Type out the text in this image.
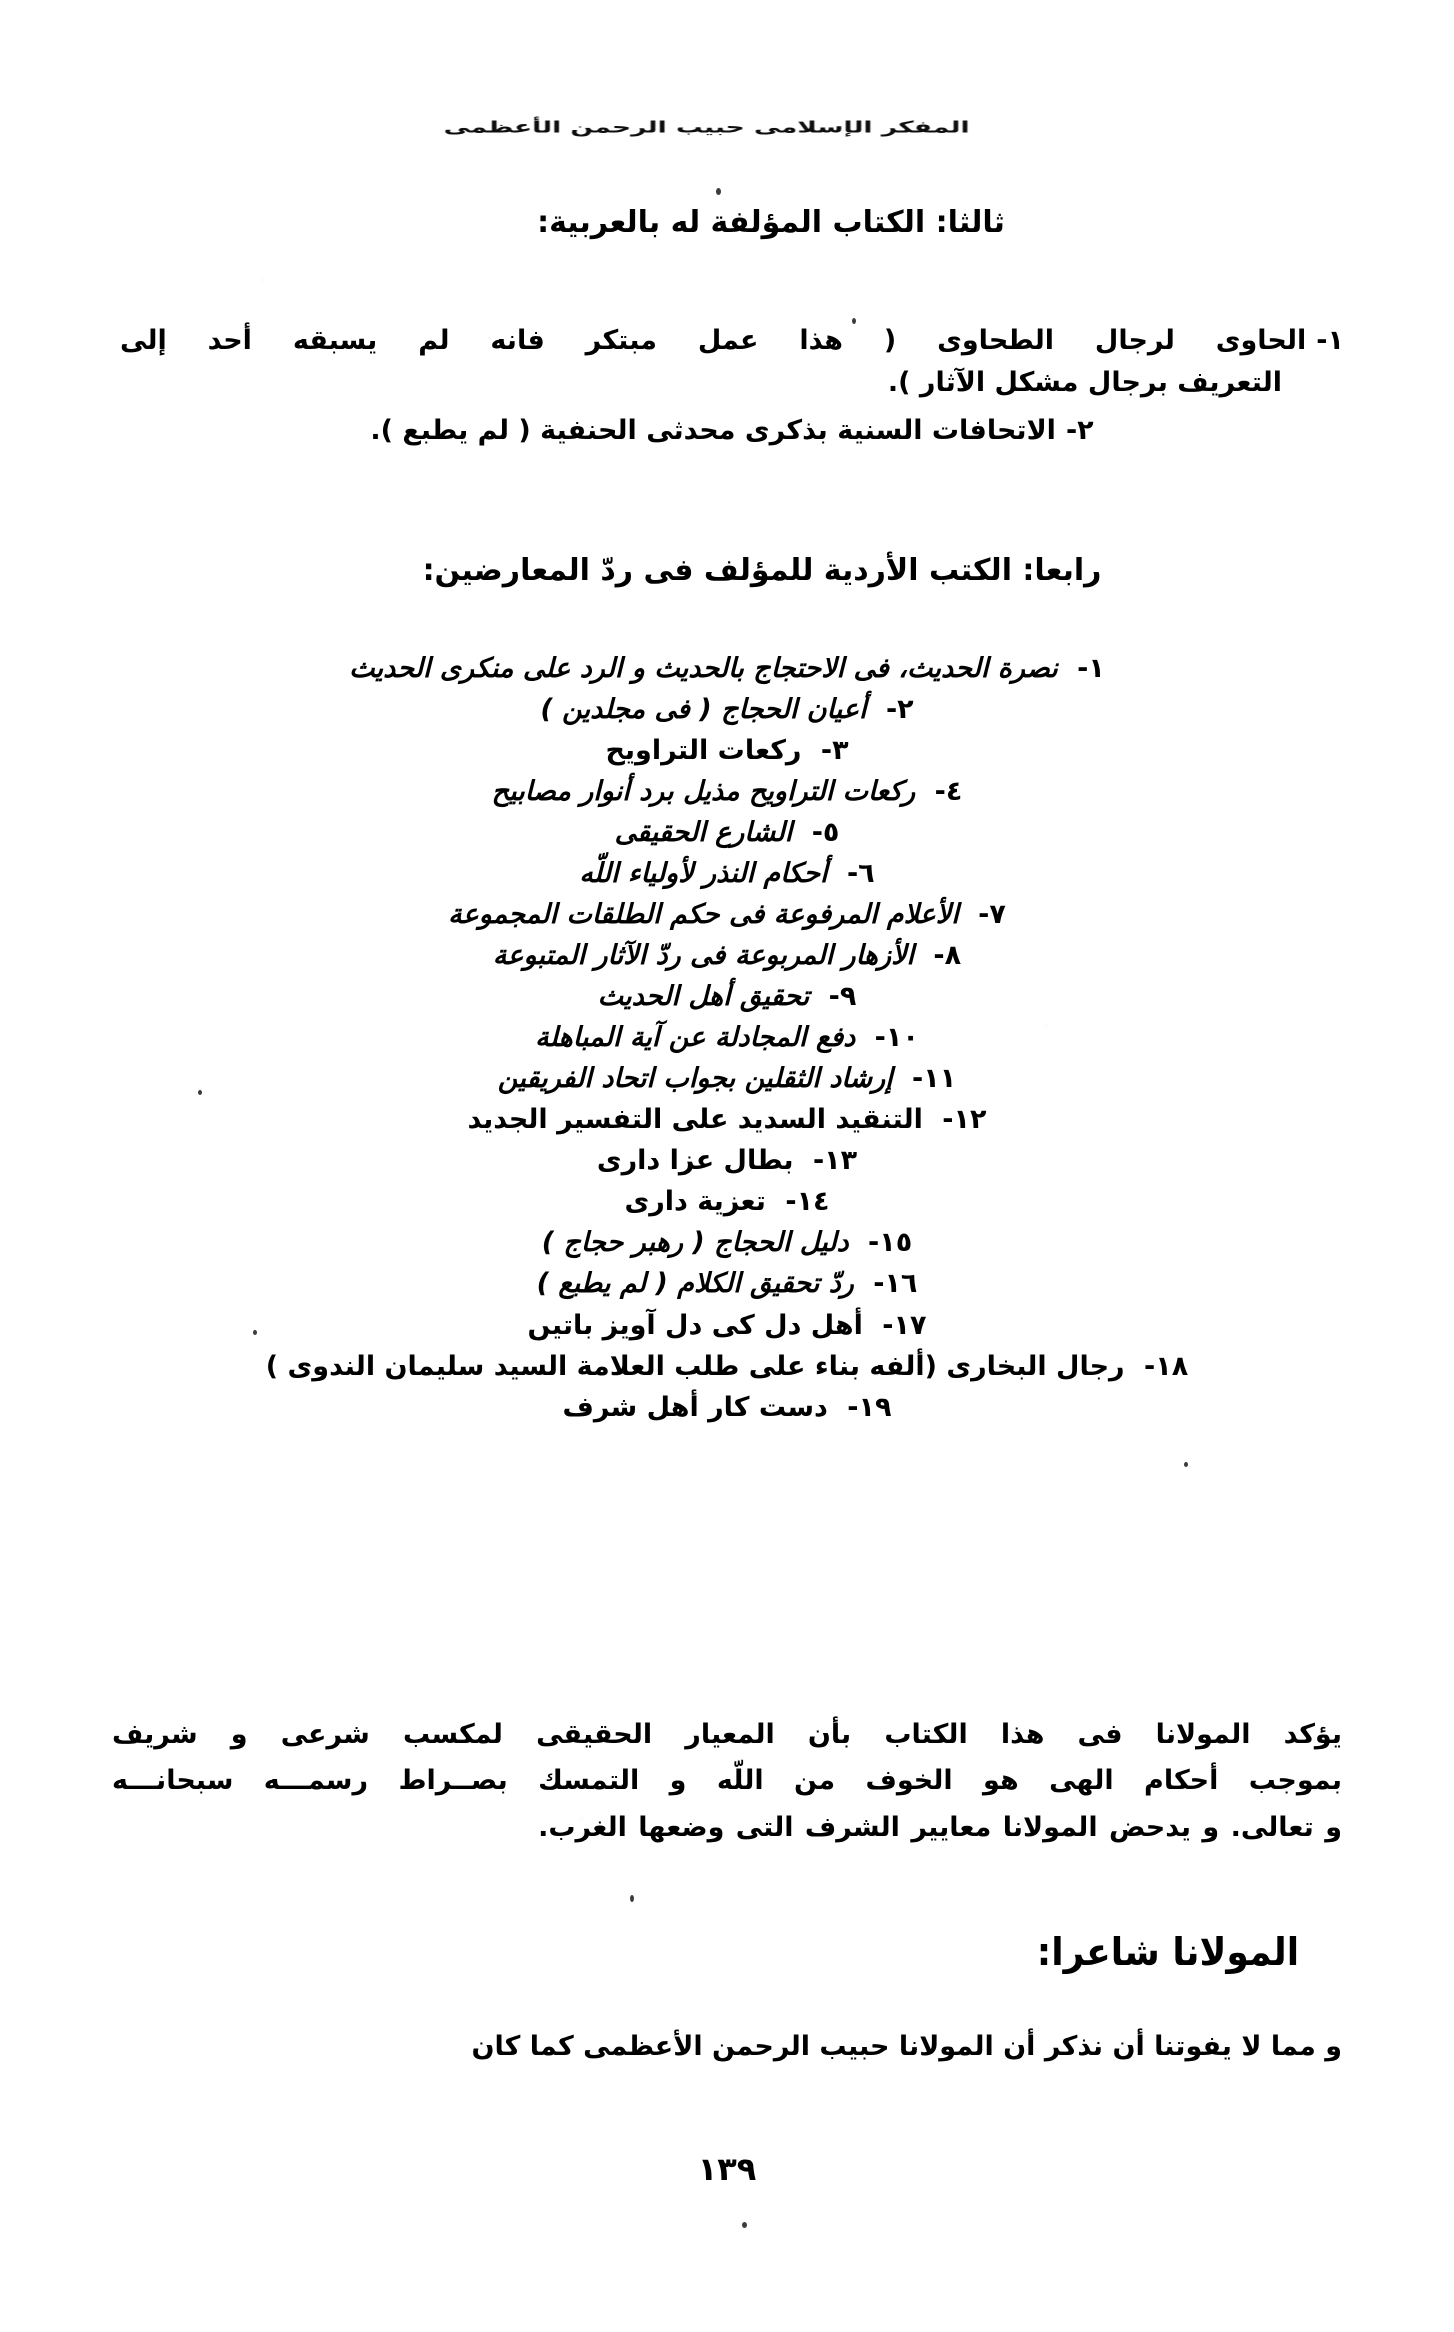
المفكر الإسلامى حبيب الرحمن الأعظمى
ثالثا: الكتاب المؤلفة له بالعربية:
١-الحاوى لرجال الطحاوى ( هذا عمل مبتكر فانه لم يسبقه أحد إلى
التعريف برجال مشكل الآثار ).
٢-الاتحافات السنية بذكرى محدثى الحنفية ( لم يطبع ).
رابعا: الكتب الأردية للمؤلف فى ردّ المعارضين:
١- نصرة الحديث، فى الاحتجاج بالحديث و الرد على منكرى الحديث
٢- أعيان الحجاج ( فى مجلدين )
٣- ركعات التراويح
٤- ركعات التراويح مذيل برد أنوار مصابيح
٥- الشارع الحقيقى
٦- أحكام النذر لأولياء اللّه
٧- الأعلام المرفوعة فى حكم الطلقات المجموعة
٨- الأزهار المربوعة فى ردّ الآثار المتبوعة
٩- تحقيق أهل الحديث
١٠- دفع المجادلة عن آية المباهلة
١١- إرشاد الثقلين بجواب اتحاد الفريقين
١٢- التنقيد السديد على التفسير الجديد
١٣- بطال عزا دارى
١٤- تعزية دارى
١٥- دليل الحجاج ( رهبر حجاج )
١٦- ردّ تحقيق الكلام ( لم يطبع )
١٧- أهل دل كى دل آويز باتيں
١٨- رجال البخارى (ألفه بناء على طلب العلامة السيد سليمان الندوى )
١٩- دست كار أهل شرف
يؤكد المولانا فى هذا الكتاب بأن المعيار الحقيقى لمكسب شرعى و شريف
بموجب أحكام الهى هو الخوف من اللّه و التمسك بصــراط رسمـــه سبحانـــه
و تعالى. و يدحض المولانا معايير الشرف التى وضعها الغرب.
المولانا شاعرا:
و مما لا يفوتنا أن نذكر أن المولانا حبيب الرحمن الأعظمى كما كان
١٣٩
